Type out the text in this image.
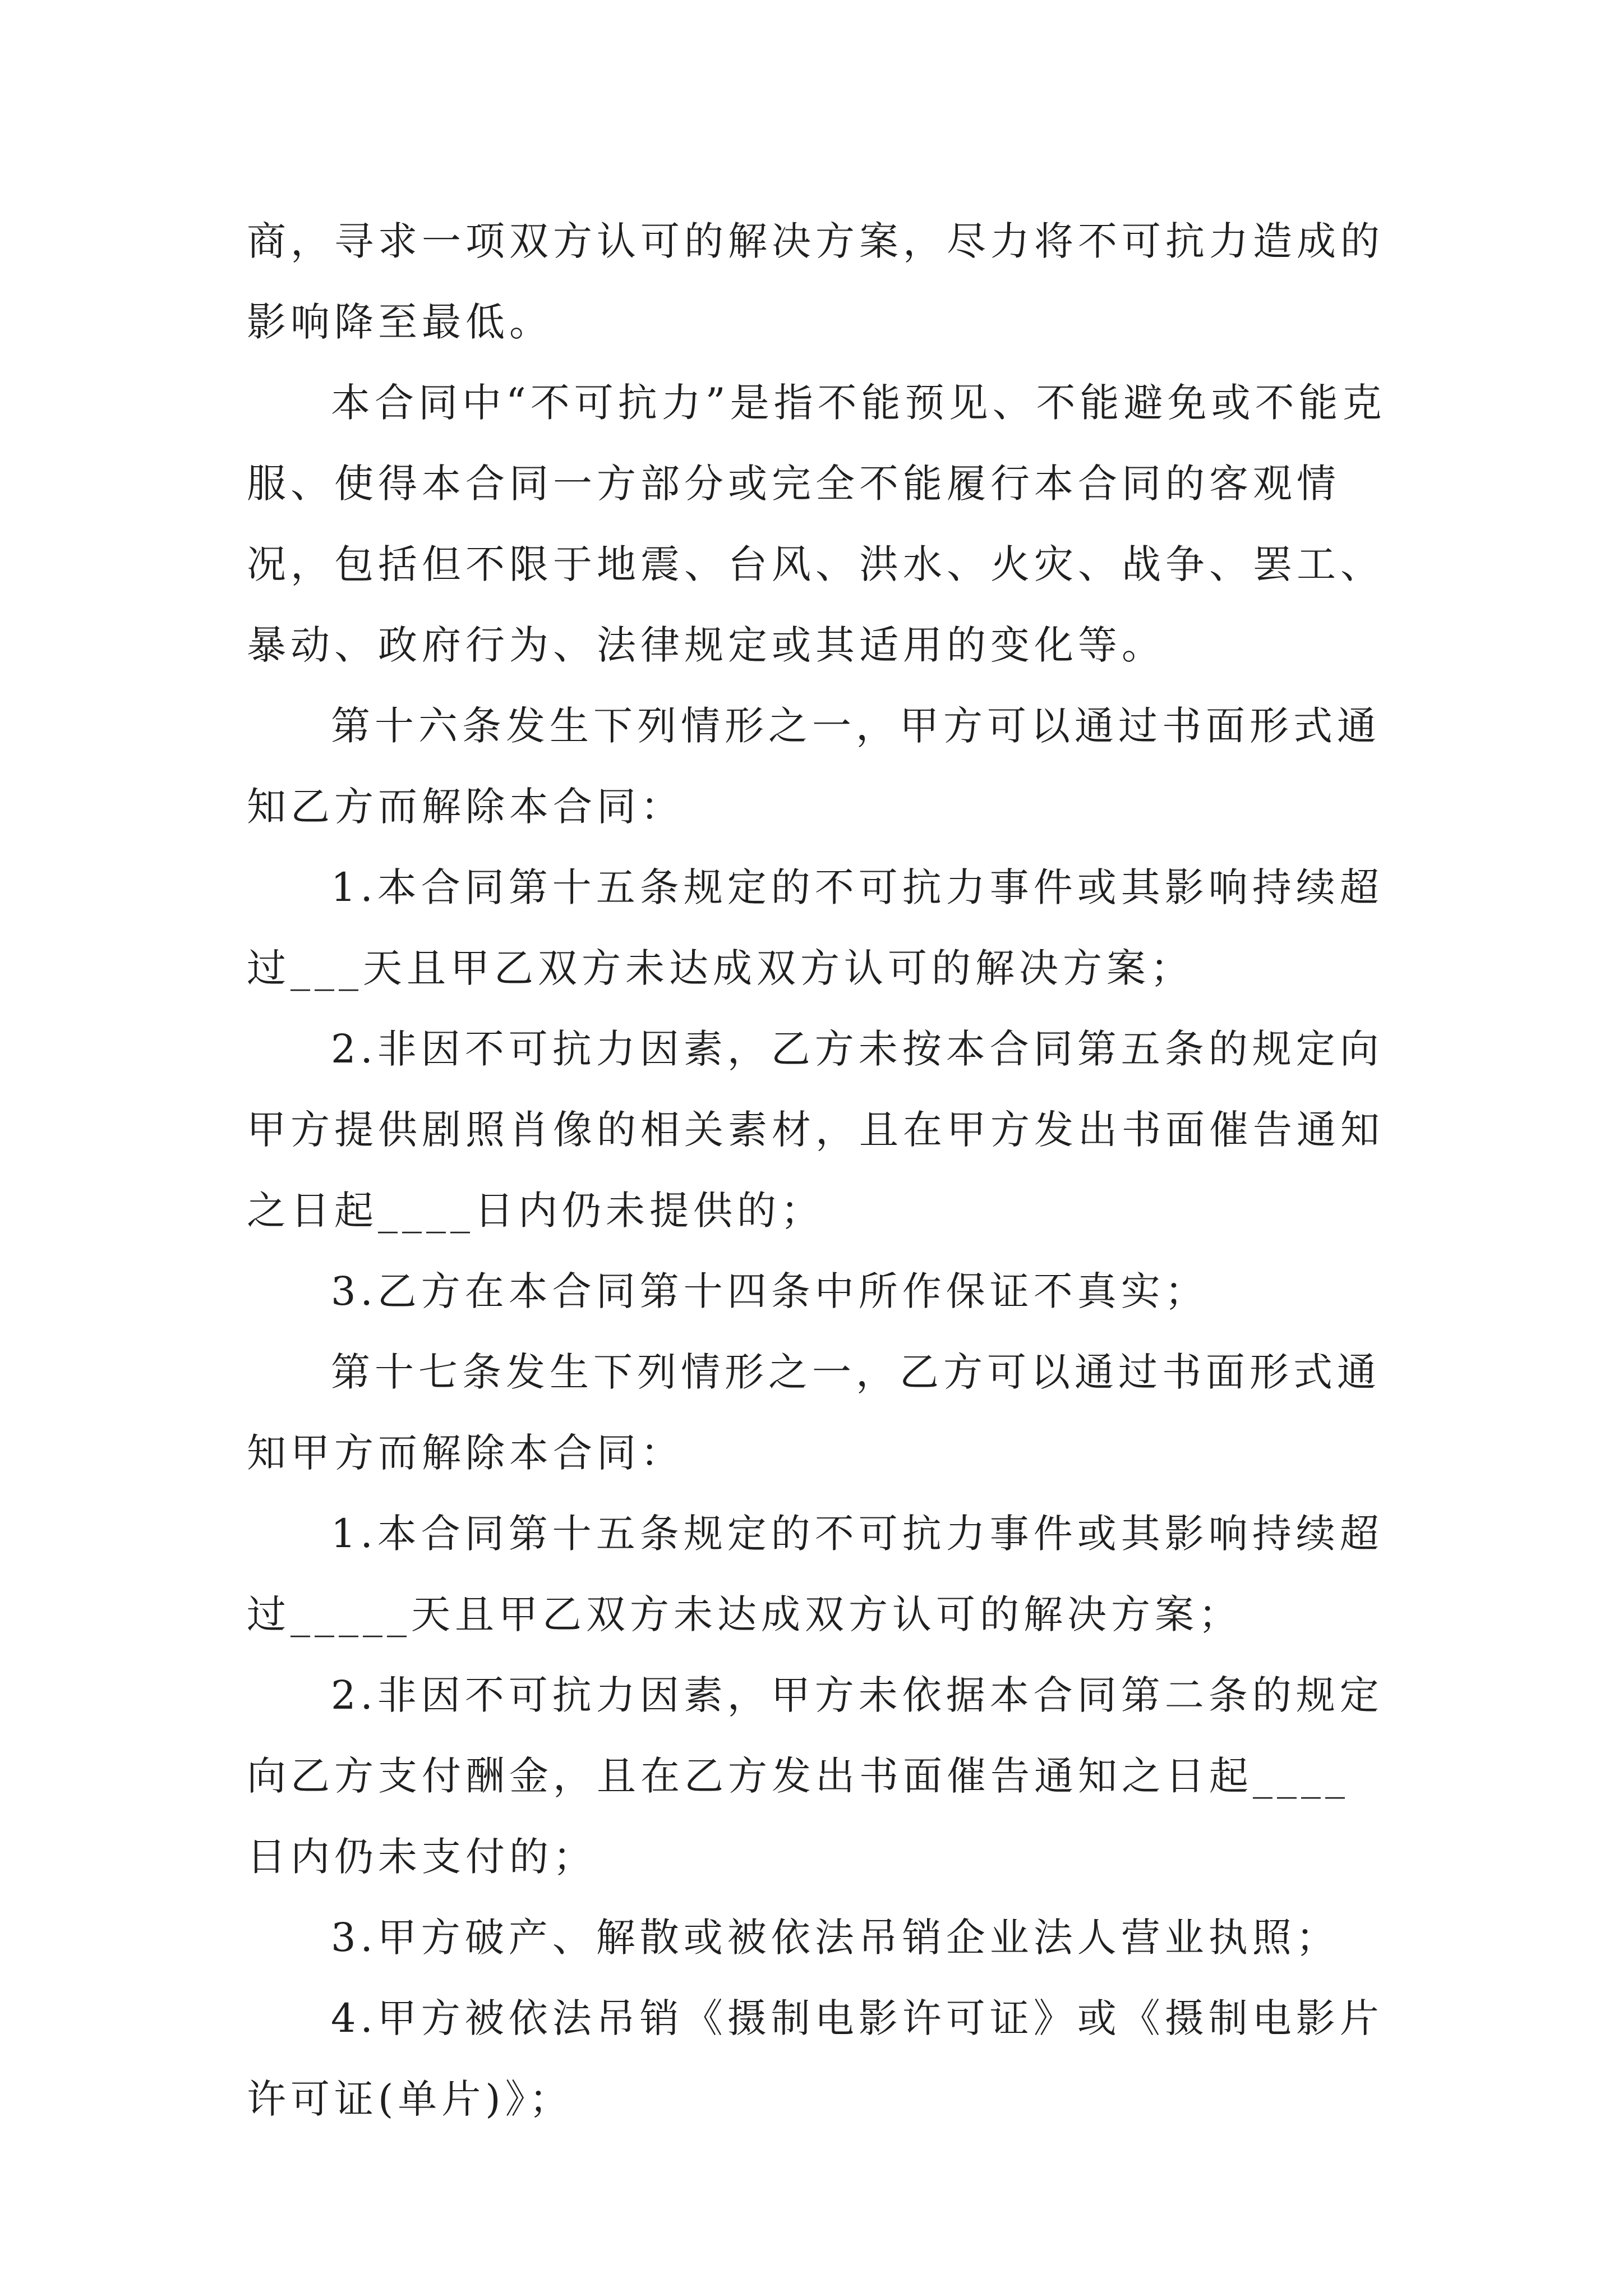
商，寻求一项双方认可的解决方案，尽力将不可抗力造成的影响降至最低。

本合同中“不可抗力”是指不能预见、不能避免或不能克服、使得本合同一方部分或完全不能履行本合同的客观情况，包括但不限于地震、台风、洪水、火灾、战争、罢工、暴动、政府行为、法律规定或其适用的变化等。

第十六条发生下列情形之一，甲方可以通过书面形式通知乙方而解除本合同：

1.本合同第十五条规定的不可抗力事件或其影响持续超过___天且甲乙双方未达成双方认可的解决方案；

2.非因不可抗力因素，乙方未按本合同第五条的规定向甲方提供剧照肖像的相关素材，且在甲方发出书面催告通知之日起____日内仍未提供的；

3.乙方在本合同第十四条中所作保证不真实；

第十七条发生下列情形之一，乙方可以通过书面形式通知甲方而解除本合同：

1.本合同第十五条规定的不可抗力事件或其影响持续超过_____天且甲乙双方未达成双方认可的解决方案；

2.非因不可抗力因素，甲方未依据本合同第二条的规定向乙方支付酬金，且在乙方发出书面催告通知之日起____日内仍未支付的；

3.甲方破产、解散或被依法吊销企业法人营业执照；

4.甲方被依法吊销《摄制电影许可证》或《摄制电影片许可证(单片)》；
